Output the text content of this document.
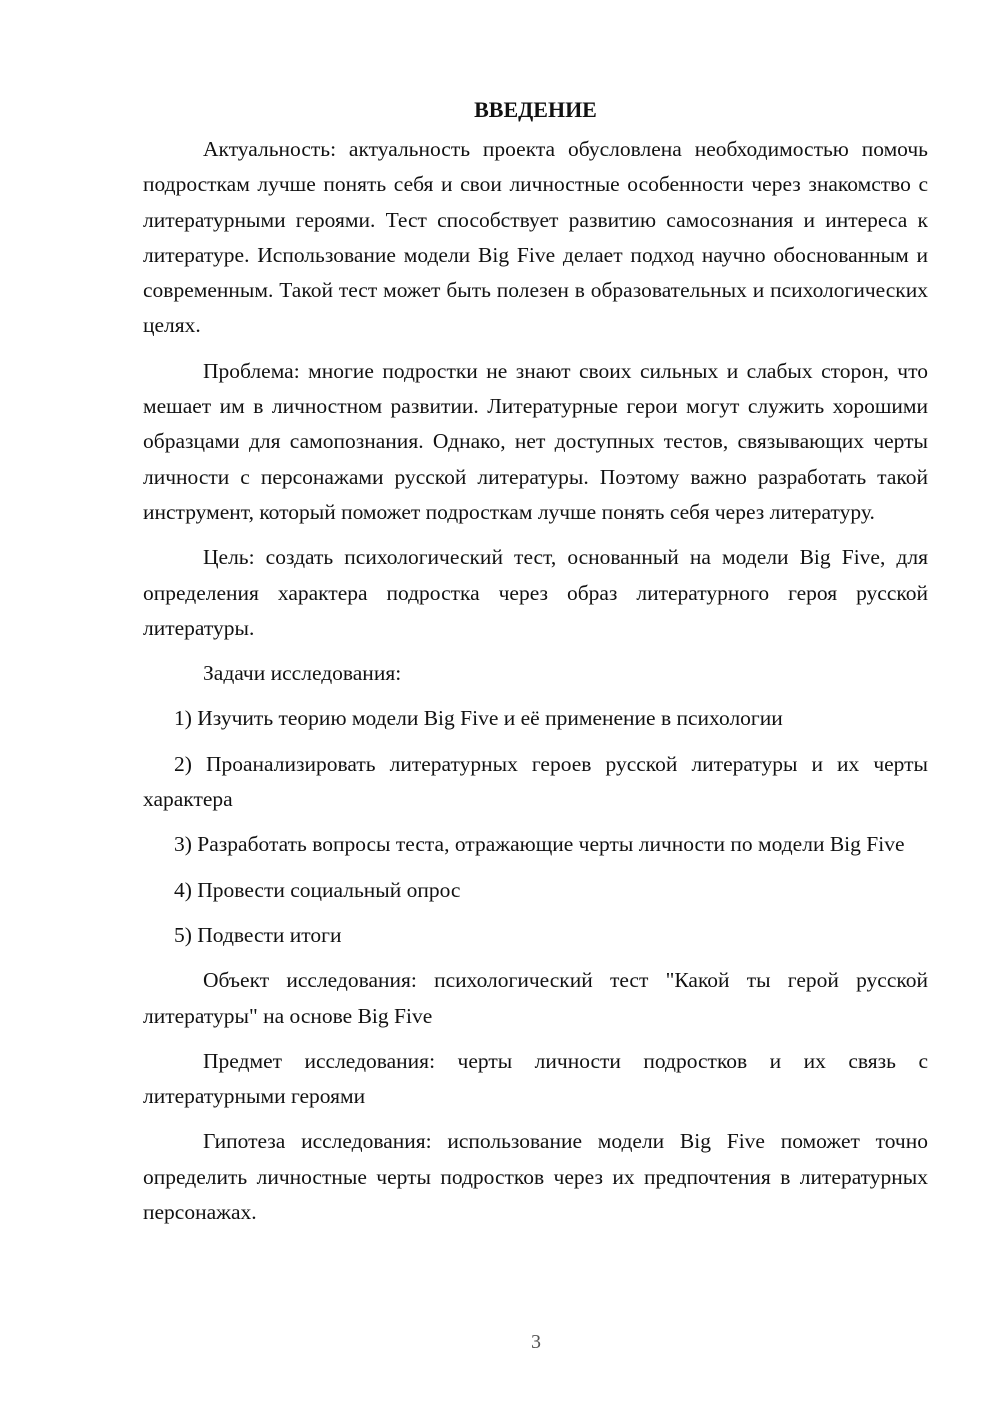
ВВЕДЕНИЕ

Актуальность: актуальность проекта обусловлена необходимостью помочь подросткам лучше понять себя и свои личностные особенности через знакомство с литературными героями. Тест способствует развитию самосознания и интереса к литературе. Использование модели Big Five делает подход научно обоснованным и современным. Такой тест может быть полезен в образовательных и психологических целях.

Проблема: многие подростки не знают своих сильных и слабых сторон, что мешает им в личностном развитии. Литературные герои могут служить хорошими образцами для самопознания. Однако, нет доступных тестов, связывающих черты личности с персонажами русской литературы. Поэтому важно разработать такой инструмент, который поможет подросткам лучше понять себя через литературу.

Цель: создать психологический тест, основанный на модели Big Five, для определения характера подростка через образ литературного героя русской литературы.

Задачи исследования:

1) Изучить теорию модели Big Five и её применение в психологии

2) Проанализировать литературных героев русской литературы и их черты характера

3) Разработать вопросы теста, отражающие черты личности по модели Big Five

4) Провести социальный опрос

5) Подвести итоги

Объект исследования: психологический тест "Какой ты герой русской литературы" на основе Big Five

Предмет исследования: черты личности подростков и их связь с литературными героями

Гипотеза исследования: использование модели Big Five поможет точно определить личностные черты подростков через их предпочтения в литературных персонажах.

3
